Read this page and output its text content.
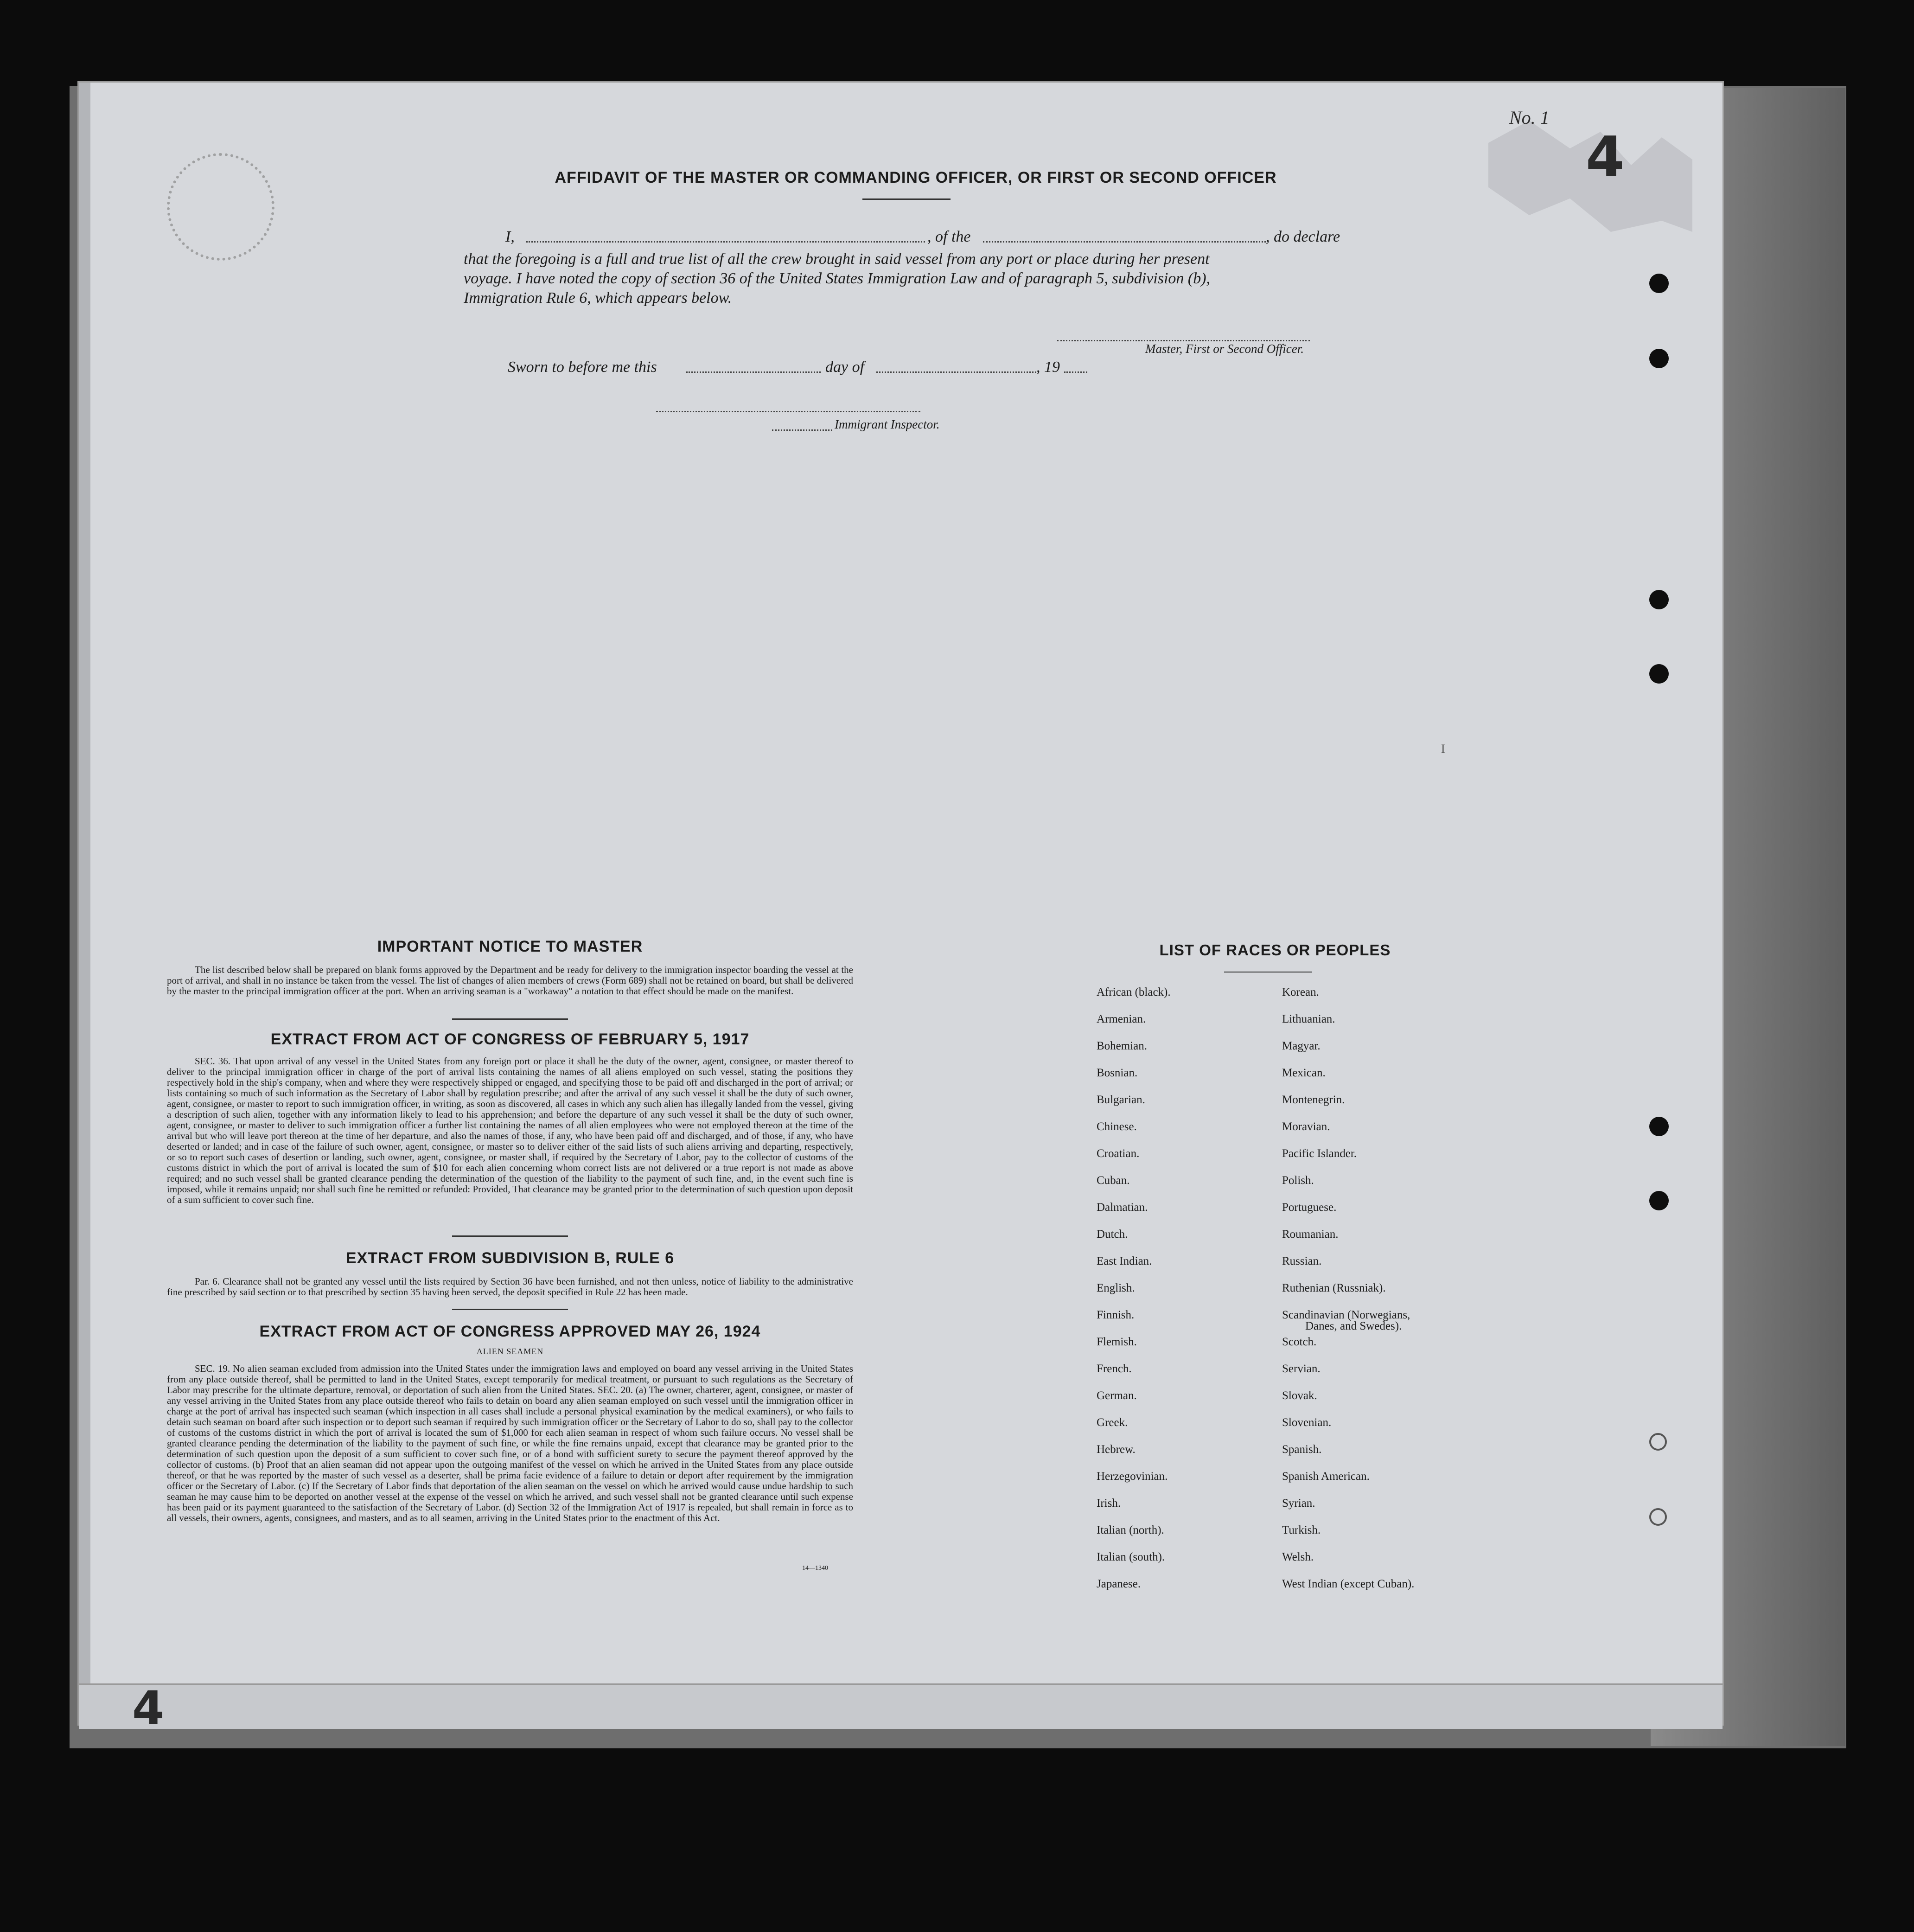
No. 1
4
4
AFFIDAVIT OF THE MASTER OR COMMANDING OFFICER, OR FIRST OR SECOND OFFICER
I,	, of the	, do declare
that the foregoing is a full and true list of all the crew brought in said vessel from any port or place during her present
voyage. I have noted the copy of section 36 of the United States Immigration Law and of paragraph 5, subdivision (b),
Immigration Rule 6, which appears below.
Master, First or Second Officer.
Sworn to before me this	day of	, 19
Immigrant Inspector.
IMPORTANT NOTICE TO MASTER
The list described below shall be prepared on blank forms approved by the Department and be ready for delivery to the immigration inspector boarding the vessel at the port of arrival, and shall in no instance be taken from the vessel. The list of changes of alien members of crews (Form 689) shall not be retained on board, but shall be delivered by the master to the principal immigration officer at the port. When an arriving seaman is a "workaway" a notation to that effect should be made on the manifest.
EXTRACT FROM ACT OF CONGRESS OF FEBRUARY 5, 1917
SEC. 36. That upon arrival of any vessel in the United States from any foreign port or place it shall be the duty of the owner, agent, consignee, or master thereof to deliver to the principal immigration officer in charge of the port of arrival lists containing the names of all aliens employed on such vessel, stating the positions they respectively hold in the ship's company, when and where they were respectively shipped or engaged, and specifying those to be paid off and discharged in the port of arrival; or lists containing so much of such information as the Secretary of Labor shall by regulation prescribe; and after the arrival of any such vessel it shall be the duty of such owner, agent, consignee, or master to report to such immigration officer, in writing, as soon as discovered, all cases in which any such alien has illegally landed from the vessel, giving a description of such alien, together with any information likely to lead to his apprehension; and before the departure of any such vessel it shall be the duty of such owner, agent, consignee, or master to deliver to such immigration officer a further list containing the names of all alien employees who were not employed thereon at the time of the arrival but who will leave port thereon at the time of her departure, and also the names of those, if any, who have been paid off and discharged, and of those, if any, who have deserted or landed; and in case of the failure of such owner, agent, consignee, or master so to deliver either of the said lists of such aliens arriving and departing, respectively, or so to report such cases of desertion or landing, such owner, agent, consignee, or master shall, if required by the Secretary of Labor, pay to the collector of customs of the customs district in which the port of arrival is located the sum of $10 for each alien concerning whom correct lists are not delivered or a true report is not made as above required; and no such vessel shall be granted clearance pending the determination of the question of the liability to the payment of such fine, and, in the event such fine is imposed, while it remains unpaid; nor shall such fine be remitted or refunded: Provided, That clearance may be granted prior to the determination of such question upon deposit of a sum sufficient to cover such fine.
EXTRACT FROM SUBDIVISION B, RULE 6
Par. 6. Clearance shall not be granted any vessel until the lists required by Section 36 have been furnished, and not then unless, notice of liability to the administrative fine prescribed by said section or to that prescribed by section 35 having been served, the deposit specified in Rule 22 has been made.
EXTRACT FROM ACT OF CONGRESS APPROVED MAY 26, 1924
ALIEN SEAMEN
SEC. 19. No alien seaman excluded from admission into the United States under the immigration laws and employed on board any vessel arriving in the United States from any place outside thereof, shall be permitted to land in the United States, except temporarily for medical treatment, or pursuant to such regulations as the Secretary of Labor may prescribe for the ultimate departure, removal, or deportation of such alien from the United States. SEC. 20. (a) The owner, charterer, agent, consignee, or master of any vessel arriving in the United States from any place outside thereof who fails to detain on board any alien seaman employed on such vessel until the immigration officer in charge at the port of arrival has inspected such seaman (which inspection in all cases shall include a personal physical examination by the medical examiners), or who fails to detain such seaman on board after such inspection or to deport such seaman if required by such immigration officer or the Secretary of Labor to do so, shall pay to the collector of customs of the customs district in which the port of arrival is located the sum of $1,000 for each alien seaman in respect of whom such failure occurs. No vessel shall be granted clearance pending the determination of the liability to the payment of such fine, or while the fine remains unpaid, except that clearance may be granted prior to the determination of such question upon the deposit of a sum sufficient to cover such fine, or of a bond with sufficient surety to secure the payment thereof approved by the collector of customs. (b) Proof that an alien seaman did not appear upon the outgoing manifest of the vessel on which he arrived in the United States from any place outside thereof, or that he was reported by the master of such vessel as a deserter, shall be prima facie evidence of a failure to detain or deport after requirement by the immigration officer or the Secretary of Labor. (c) If the Secretary of Labor finds that deportation of the alien seaman on the vessel on which he arrived would cause undue hardship to such seaman he may cause him to be deported on another vessel at the expense of the vessel on which he arrived, and such vessel shall not be granted clearance until such expense has been paid or its payment guaranteed to the satisfaction of the Secretary of Labor. (d) Section 32 of the Immigration Act of 1917 is repealed, but shall remain in force as to all vessels, their owners, agents, consignees, and masters, and as to all seamen, arriving in the United States prior to the enactment of this Act.
14—1340
LIST OF RACES OR PEOPLES
African (black).
Armenian.
Bohemian.
Bosnian.
Bulgarian.
Chinese.
Croatian.
Cuban.
Dalmatian.
Dutch.
East Indian.
English.
Finnish.
Flemish.
French.
German.
Greek.
Hebrew.
Herzegovinian.
Irish.
Italian (north).
Italian (south).
Japanese.
Korean.
Lithuanian.
Magyar.
Mexican.
Montenegrin.
Moravian.
Pacific Islander.
Polish.
Portuguese.
Roumanian.
Russian.
Ruthenian (Russniak).
Scandinavian (Norwegians,
Scotch.
Servian.
Slovak.
Slovenian.
Spanish.
Spanish American.
Syrian.
Turkish.
Welsh.
West Indian (except Cuban).
Danes, and Swedes).
I
